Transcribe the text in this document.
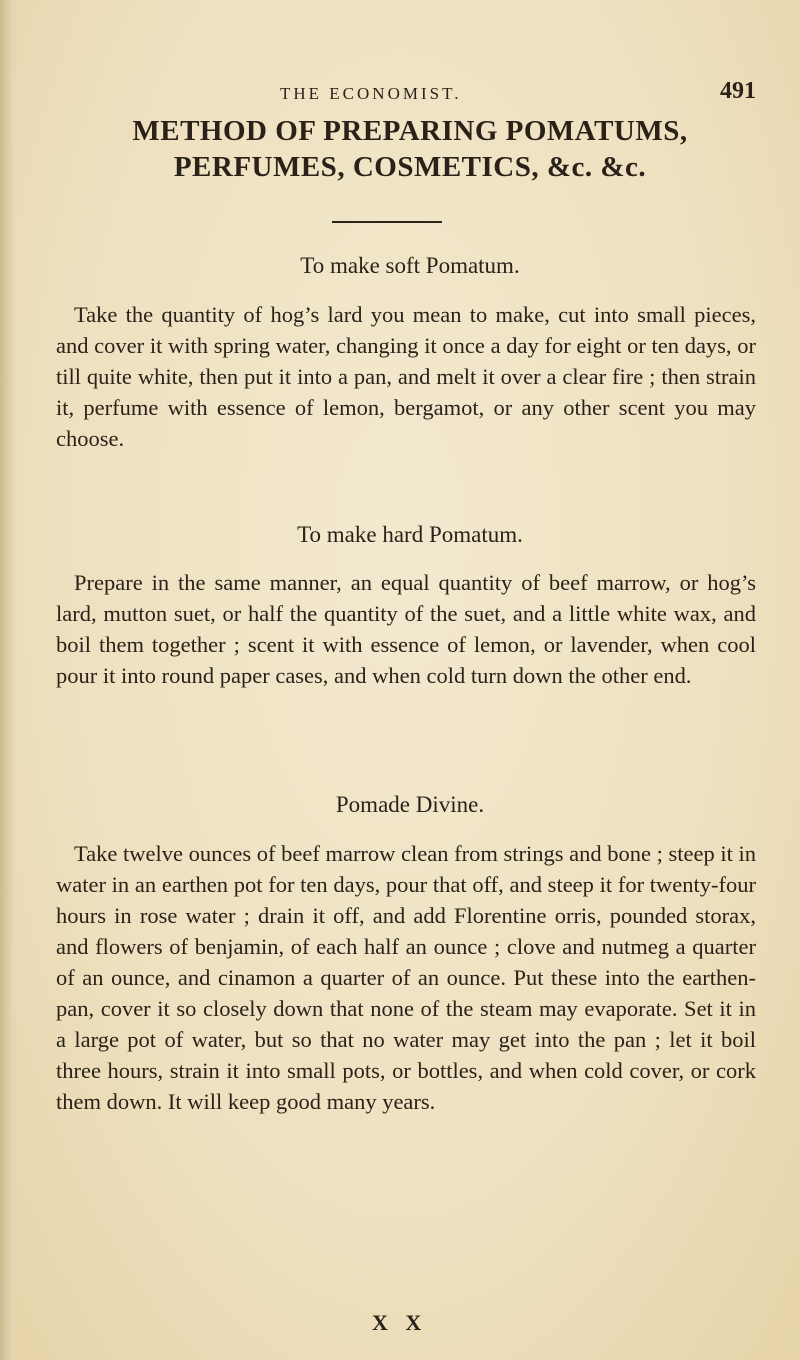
THE ECONOMIST.	491
METHOD OF PREPARING POMATUMS,
PERFUMES, COSMETICS, &c. &c.
To make soft Pomatum.

Take the quantity of hog’s lard you mean to make, cut into small pieces, and cover it with spring water, changing it once a day for eight or ten days, or till quite white, then put it into a pan, and melt it over a clear fire ; then strain it, perfume with essence of lemon, bergamot, or any other scent you may choose.

To make hard Pomatum.

Prepare in the same manner, an equal quantity of beef marrow, or hog’s lard, mutton suet, or half the quantity of the suet, and a little white wax, and boil them together ; scent it with essence of lemon, or lavender, when cool pour it into round paper cases, and when cold turn down the other end.

Pomade Divine.

Take twelve ounces of beef marrow clean from strings and bone ; steep it in water in an earthen pot for ten days, pour that off, and steep it for twenty-four hours in rose water ; drain it off, and add Florentine orris, pounded storax, and flowers of benjamin, of each half an ounce ; clove and nutmeg a quarter of an ounce, and cinamon a quarter of an ounce. Put these into the earthen-pan, cover it so closely down that none of the steam may evaporate. Set it in a large pot of water, but so that no water may get into the pan ; let it boil three hours, strain it into small pots, or bottles, and when cold cover, or cork them down. It will keep good many years.

X X
